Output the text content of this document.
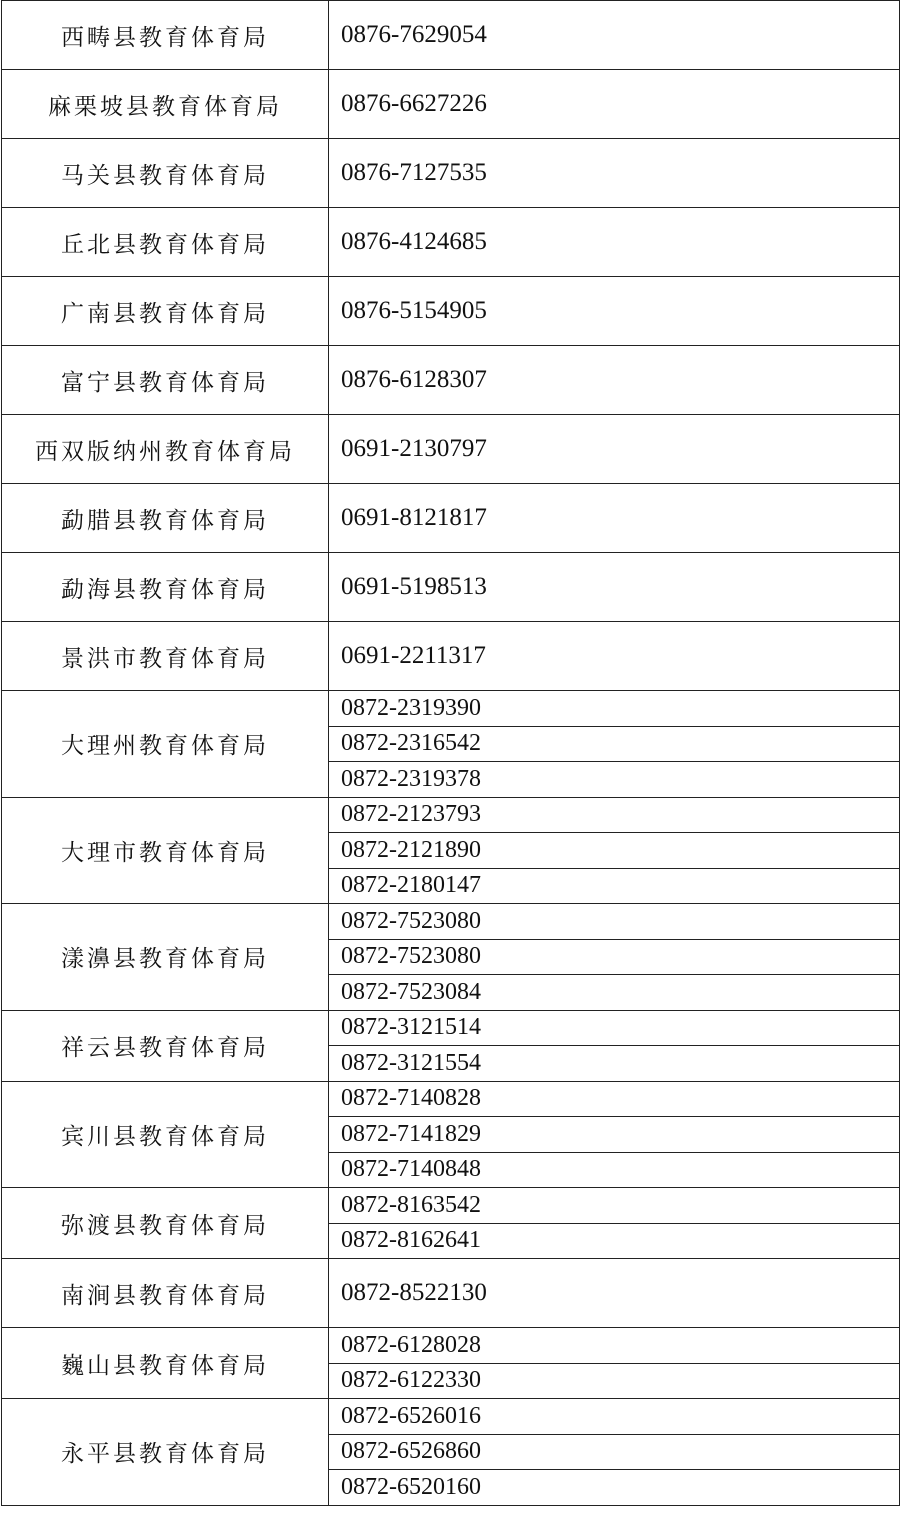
西畴县教育体育局	0876-7629054
麻栗坡县教育体育局	0876-6627226
马关县教育体育局	0876-7127535
丘北县教育体育局	0876-4124685
广南县教育体育局	0876-5154905
富宁县教育体育局	0876-6128307
西双版纳州教育体育局	0691-2130797
勐腊县教育体育局	0691-8121817
勐海县教育体育局	0691-5198513
景洪市教育体育局	0691-2211317
大理州教育体育局	0872-2319390
	0872-2316542
	0872-2319378
大理市教育体育局	0872-2123793
	0872-2121890
	0872-2180147
漾濞县教育体育局	0872-7523080
	0872-7523080
	0872-7523084
祥云县教育体育局	0872-3121514
	0872-3121554
宾川县教育体育局	0872-7140828
	0872-7141829
	0872-7140848
弥渡县教育体育局	0872-8163542
	0872-8162641
南涧县教育体育局	0872-8522130
巍山县教育体育局	0872-6128028
	0872-6122330
永平县教育体育局	0872-6526016
	0872-6526860
	0872-6520160
